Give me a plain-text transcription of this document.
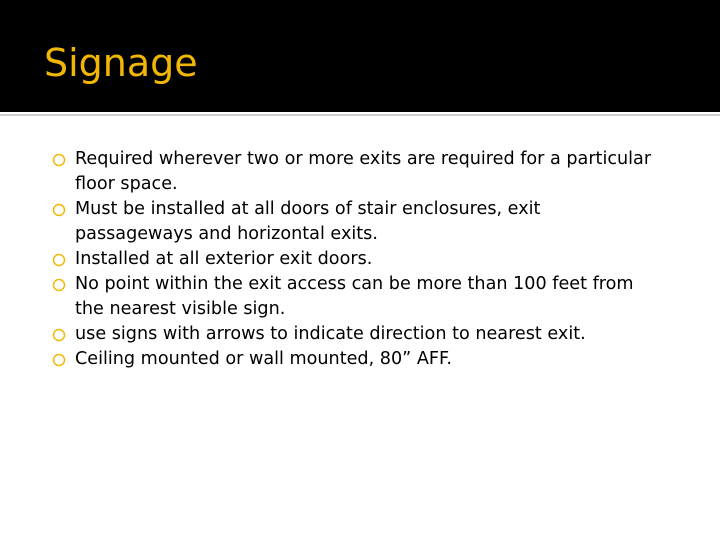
Signage
Required wherever two or more exits are required for a particular floor space.
Must be installed at all doors of stair enclosures, exit passageways and horizontal exits.
Installed at all exterior exit doors.
No point within the exit access can be more than 100 feet from the nearest visible sign.
use signs with arrows to indicate direction to nearest exit.
Ceiling mounted or wall mounted, 80” AFF.
